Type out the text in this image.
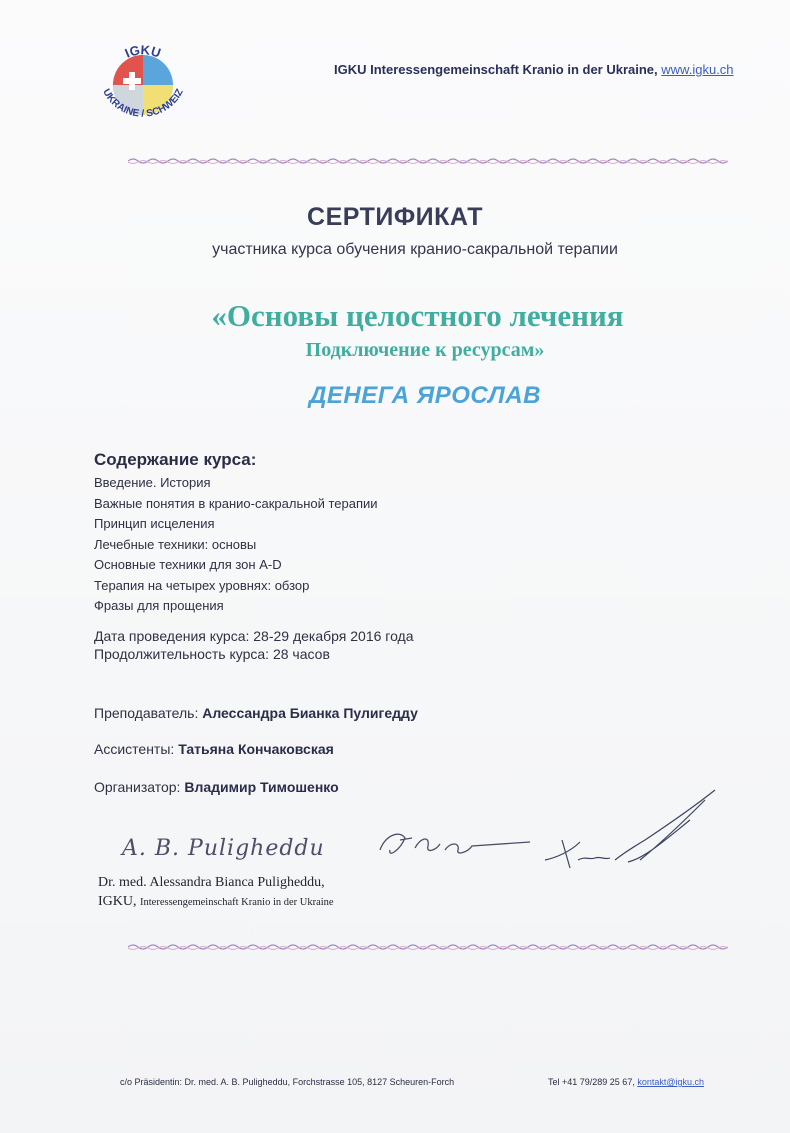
IGKU
UKRAINE / SCHWEIZ
IGKU Interessengemeinschaft Kranio in der Ukraine, www.igku.ch
СЕРТИФИКАТ
участника курса обучения кранио-сакральной терапии
«Основы целостного лечения
Подключение к ресурсам»
ДЕНЕГА ЯРОСЛАВ
Содержание курса:
Введение. История
Важные понятия в кранио-сакральной терапии
Принцип исцеления
Лечебные техники: основы
Основные техники для зон A-D
Терапия на четырех уровнях: обзор
Фразы для прощения
Дата проведения курса: 28-29 декабря 2016 года
Продолжительность курса: 28 часов
Преподаватель: Алессандра Бианка Пулигедду
Ассистенты: Татьяна Кончаковская
Организатор: Владимир Тимошенко
A. B. Puligheddu
Dr. med. Alessandra Bianca Puligheddu,
IGKU, Interessengemeinschaft Kranio in der Ukraine
c/o Präsidentin: Dr. med. A. B. Puligheddu, Forchstrasse 105, 8127 Scheuren-Forch	Tel +41 79/289 25 67, kontakt@igku.ch
